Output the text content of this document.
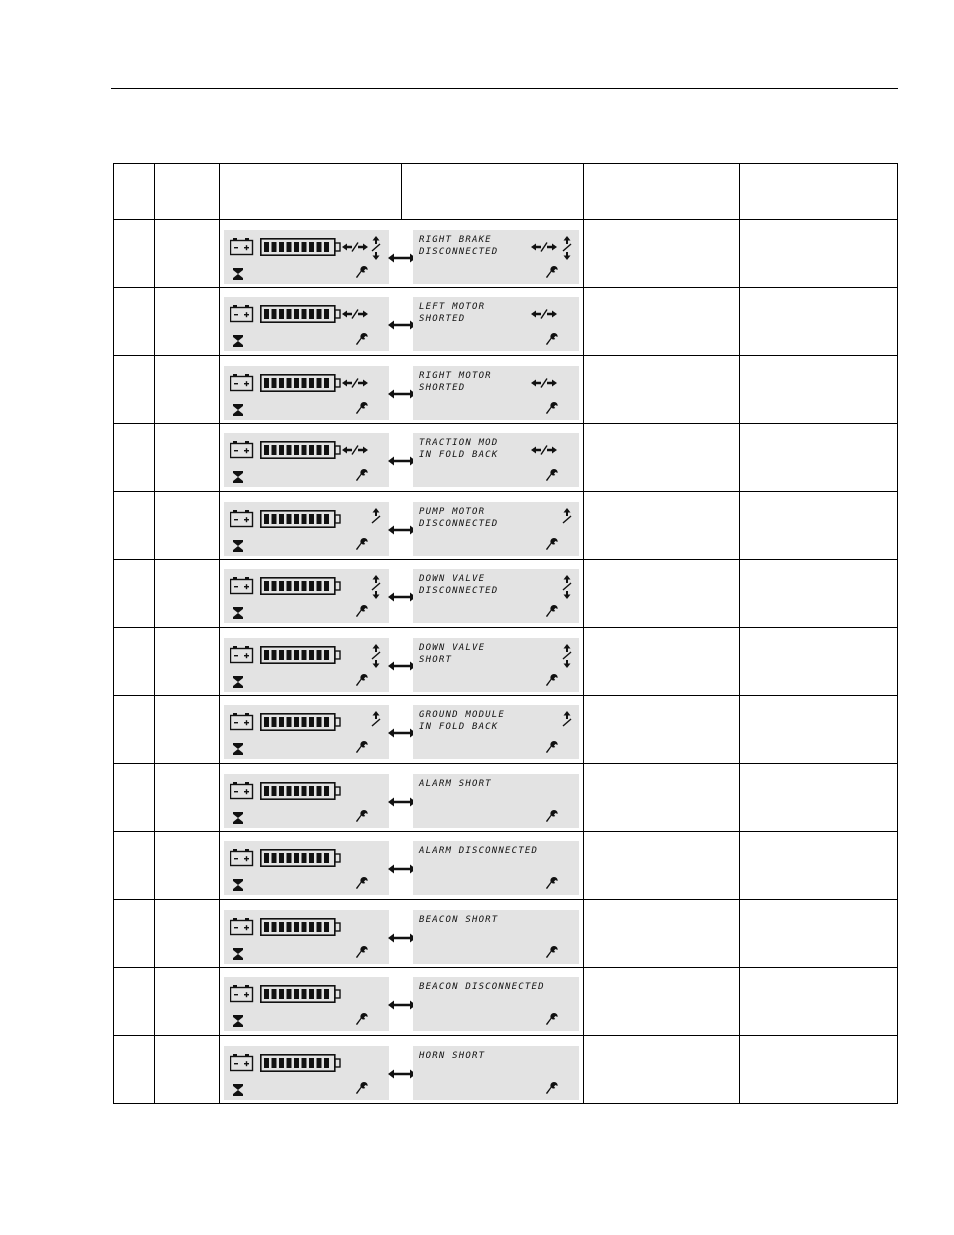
		RIGHT BRAKE
DISCONNECTED			

		LEFT MOTOR
SHORTED			

		RIGHT MOTOR
SHORTED			

		TRACTION MOD
IN FOLD BACK			

		PUMP MOTOR
DISCONNECTED			

		DOWN VALVE
DISCONNECTED			

		DOWN VALVE
SHORT			

		GROUND MODULE
IN FOLD BACK			

		ALARM SHORT			

		ALARM DISCONNECTED			

		BEACON SHORT			

		BEACON DISCONNECTED			

		HORN SHORT			
